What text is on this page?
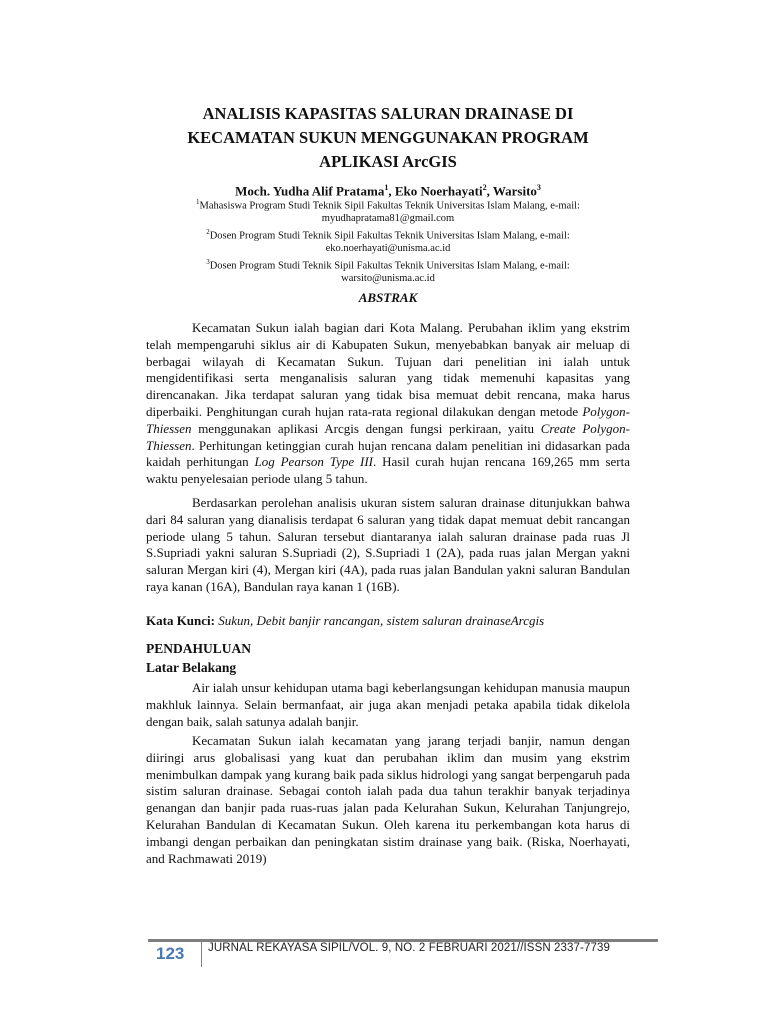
ANALISIS KAPASITAS SALURAN DRAINASE DI
KECAMATAN SUKUN MENGGUNAKAN PROGRAM
APLIKASI ArcGIS
Moch. Yudha Alif Pratama$^1$, Eko Noerhayati$^2$, Warsito$^3$
$^1$Mahasiswa Program Studi Teknik Sipil Fakultas Teknik Universitas Islam Malang, e-mail:
myudhapratama81@gmail.com
$^2$Dosen Program Studi Teknik Sipil Fakultas Teknik Universitas Islam Malang, e-mail:
eko.noerhayati@unisma.ac.id
$^3$Dosen Program Studi Teknik Sipil Fakultas Teknik Universitas Islam Malang, e-mail:
warsito@unisma.ac.id
ABSTRAK

Kecamatan Sukun ialah bagian dari Kota Malang. Perubahan iklim yang ekstrim telah mempengaruhi siklus air di Kabupaten Sukun, menyebabkan banyak air meluap di berbagai wilayah di Kecamatan Sukun. Tujuan dari penelitian ini ialah untuk mengidentifikasi serta menganalisis saluran yang tidak memenuhi kapasitas yang direncanakan. Jika terdapat saluran yang tidak bisa memuat debit rencana, maka harus diperbaiki. Penghitungan curah hujan rata-rata regional dilakukan dengan metode Polygon-Thiessen menggunakan aplikasi Arcgis dengan fungsi perkiraan, yaitu Create Polygon-Thiessen. Perhitungan ketinggian curah hujan rencana dalam penelitian ini didasarkan pada kaidah perhitungan Log Pearson Type III. Hasil curah hujan rencana 169,265 mm serta waktu penyelesaian periode ulang 5 tahun.

Berdasarkan perolehan analisis ukuran sistem saluran drainase ditunjukkan bahwa dari 84 saluran yang dianalisis terdapat 6 saluran yang tidak dapat memuat debit rancangan periode ulang 5 tahun. Saluran tersebut diantaranya ialah saluran drainase pada ruas Jl S.Supriadi yakni saluran S.Supriadi (2), S.Supriadi 1 (2A), pada ruas jalan Mergan yakni saluran Mergan kiri (4), Mergan kiri (4A), pada ruas jalan Bandulan yakni saluran Bandulan raya kanan (16A), Bandulan raya kanan 1 (16B).

Kata Kunci: Sukun, Debit banjir rancangan, sistem saluran drainaseArcgis
PENDAHULUAN
Latar Belakang

Air ialah unsur kehidupan utama bagi keberlangsungan kehidupan manusia maupun makhluk lainnya. Selain bermanfaat, air juga akan menjadi petaka apabila tidak dikelola dengan baik, salah satunya adalah banjir.

Kecamatan Sukun ialah kecamatan yang jarang terjadi banjir, namun dengan diiringi arus globalisasi yang kuat dan perubahan iklim dan musim yang ekstrim menimbulkan dampak yang kurang baik pada siklus hidrologi yang sangat berpengaruh pada sistim saluran drainase. Sebagai contoh ialah pada dua tahun terakhir banyak terjadinya genangan dan banjir pada ruas-ruas jalan pada Kelurahan Sukun, Kelurahan Tanjungrejo, Kelurahan Bandulan di Kecamatan Sukun. Oleh karena itu perkembangan kota harus di imbangi dengan perbaikan dan peningkatan sistim drainase yang baik. (Riska, Noerhayati, and Rachmawati 2019)

123 JURNAL REKAYASA SIPIL/VOL. 9, NO. 2 FEBRUARI 2021//ISSN 2337-7739
